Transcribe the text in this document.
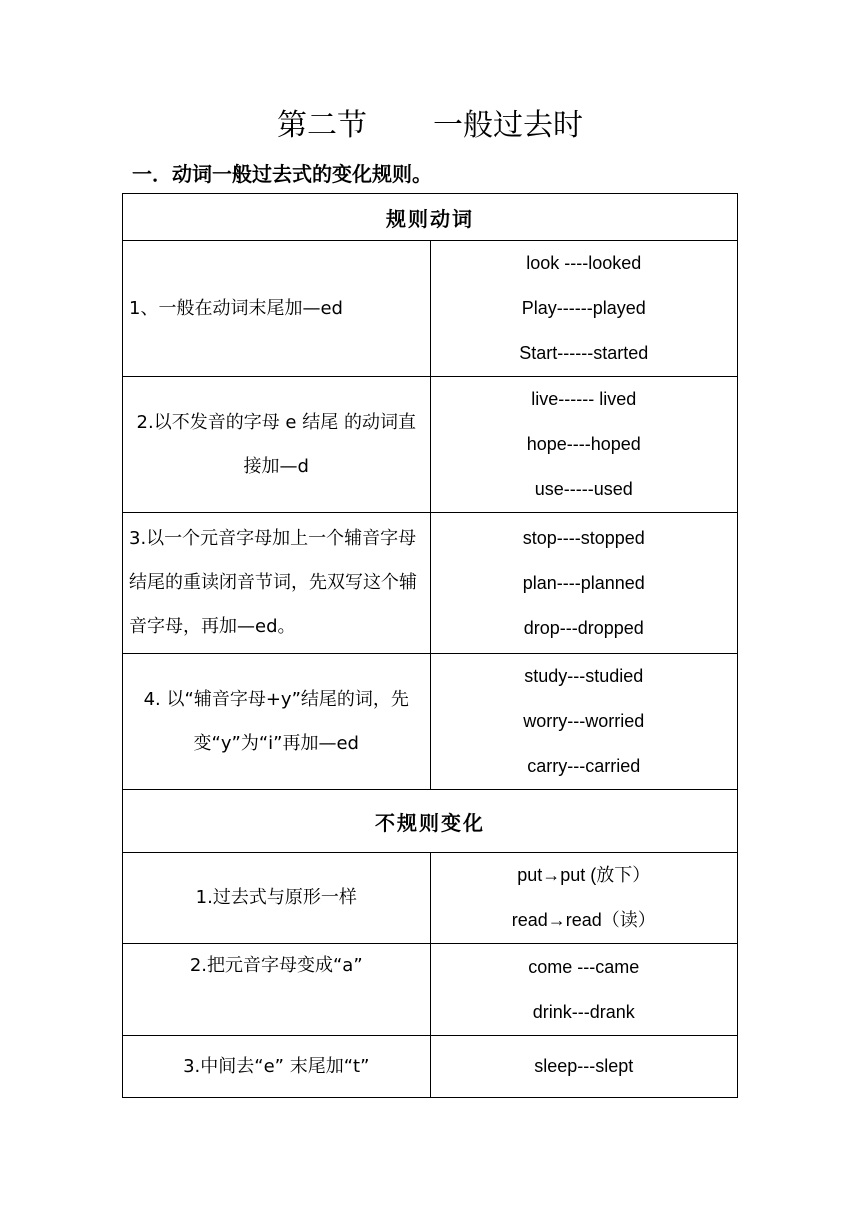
第二节 一般过去时
一．动词一般过去式的变化规则。
规则动词	
1、一般在动词末尾加—ed	look ----looked
Play------played
Start------started

2.以不发音的字母 e 结尾 的动词直接加—d	live------ lived
hope----hoped
use-----used

3.以一个元音字母加上一个辅音字母结尾的重读闭音节词，先双写这个辅音字母，再加—ed。	stop----stopped
plan----planned
drop---dropped

4. 以“辅音字母+y”结尾的词，先变“y”为“i”再加—ed	study---studied
worry---worried
carry---carried

不规则变化	
1.过去式与原形一样	put→put (放下）
read→read（读）

2.把元音字母变成“a”	come ---came
drink---drank

3.中间去“e” 末尾加“t”	sleep---slept
